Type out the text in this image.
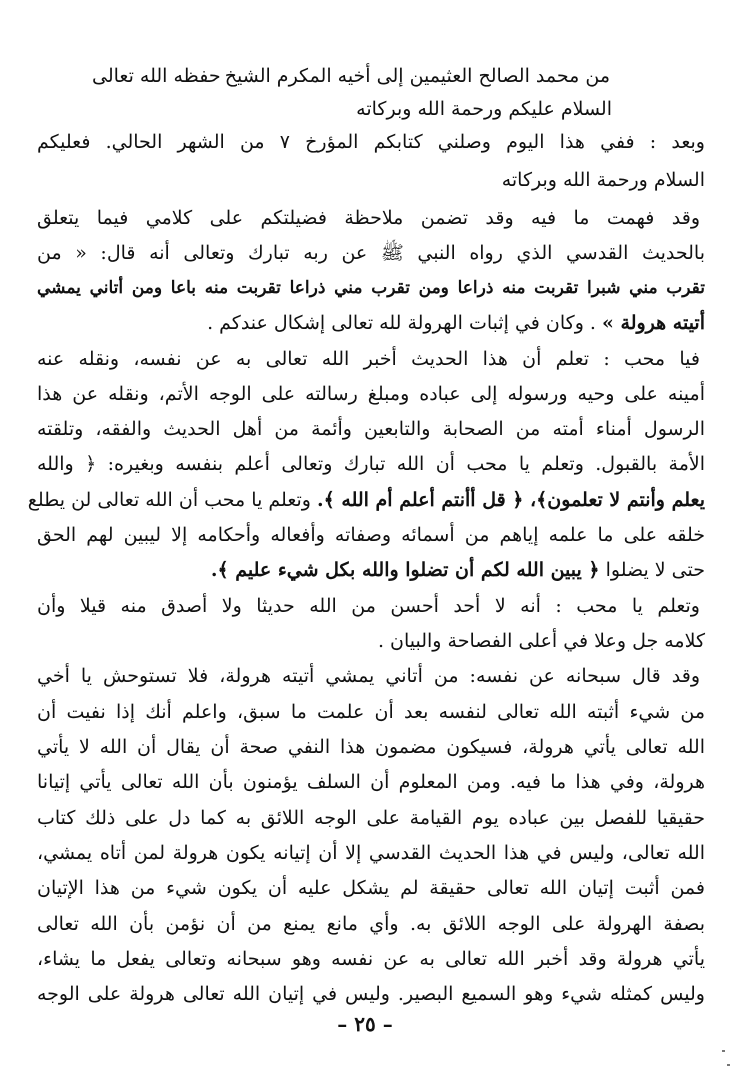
من محمد الصالح العثيمين إلى أخيه المكرم الشيخ
حفظه الله تعالى
السلام عليكم ورحمة الله وبركاته
وبعد : ففي هذا اليوم وصلني كتابكم المؤرخ ٧ من الشهر الحالي. فعليكم
السلام ورحمة الله وبركاته
وقد فهمت ما فيه وقد تضمن ملاحظة فضيلتكم على كلامي فيما يتعلق
بالحديث القدسي الذي رواه النبي ﷺ عن ربه تبارك وتعالى أنه قال: « من
تقرب مني شبرا تقربت منه ذراعا ومن تقرب مني ذراعا تقربت منه باعا ومن أتاني يمشي
أتيته هرولة » . وكان في إثبات الهرولة لله تعالى إشكال عندكم .
فيا محب : تعلم أن هذا الحديث أخبر الله تعالى به عن نفسه، ونقله عنه
أمينه على وحيه ورسوله إلى عباده ومبلغ رسالته على الوجه الأتم، ونقله عن هذا
الرسول أمناء أمته من الصحابة والتابعين وأئمة من أهل الحديث والفقه، وتلقته
الأمة بالقبول. وتعلم يا محب أن الله تبارك وتعالى أعلم بنفسه وبغيره: ﴿ والله
يعلم وأنتم لا تعلمون﴾، ﴿ قل أأنتم أعلم أم الله ﴾. وتعلم يا محب أن الله تعالى لن يطلع
خلقه على ما علمه إياهم من أسمائه وصفاته وأفعاله وأحكامه إلا ليبين لهم الحق
حتى لا يضلوا ﴿ يبين الله لكم أن تضلوا والله بكل شيء عليم ﴾.
وتعلم يا محب : أنه لا أحد أحسن من الله حديثا ولا أصدق منه قيلا وأن
كلامه جل وعلا في أعلى الفصاحة والبيان .
وقد قال سبحانه عن نفسه: من أتاني يمشي أتيته هرولة، فلا تستوحش يا أخي
من شيء أثبته الله تعالى لنفسه بعد أن علمت ما سبق، واعلم أنك إذا نفيت أن
الله تعالى يأتي هرولة، فسيكون مضمون هذا النفي صحة أن يقال أن الله لا يأتي
هرولة، وفي هذا ما فيه. ومن المعلوم أن السلف يؤمنون بأن الله تعالى يأتي إتيانا
حقيقيا للفصل بين عباده يوم القيامة على الوجه اللائق به كما دل على ذلك كتاب
الله تعالى، وليس في هذا الحديث القدسي إلا أن إتيانه يكون هرولة لمن أتاه يمشي،
فمن أثبت إتيان الله تعالى حقيقة لم يشكل عليه أن يكون شيء من هذا الإتيان
بصفة الهرولة على الوجه اللائق به. وأي مانع يمنع من أن نؤمن بأن الله تعالى
يأتي هرولة وقد أخبر الله تعالى به عن نفسه وهو سبحانه وتعالى يفعل ما يشاء،
وليس كمثله شيء وهو السميع البصير. وليس في إتيان الله تعالى هرولة على الوجه
– ٢٥ –
